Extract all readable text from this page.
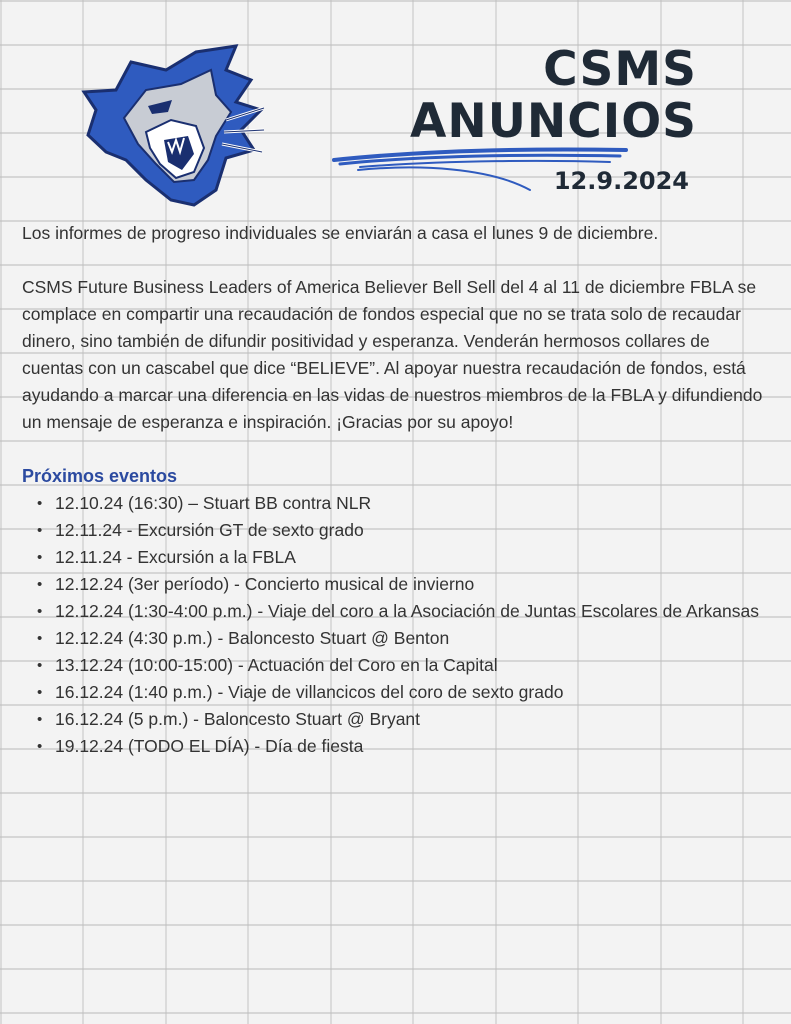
CSMS
ANUNCIOS
12.9.2024

Los informes de progreso individuales se enviarán a casa el lunes 9 de diciembre.

CSMS Future Business Leaders of America Believer Bell Sell del 4 al 11 de diciembre FBLA se complace en compartir una recaudación de fondos especial que no se trata solo de recaudar dinero, sino también de difundir positividad y esperanza. Venderán hermosos collares de cuentas con un cascabel que dice “BELIEVE”. Al apoyar nuestra recaudación de fondos, está ayudando a marcar una diferencia en las vidas de nuestros miembros de la FBLA y difundiendo un mensaje de esperanza e inspiración. ¡Gracias por su apoyo!

Próximos eventos
• 12.10.24 (16:30) – Stuart BB contra NLR
• 12.11.24 - Excursión GT de sexto grado
• 12.11.24 - Excursión a la FBLA
• 12.12.24 (3er período) - Concierto musical de invierno
• 12.12.24 (1:30-4:00 p.m.) - Viaje del coro a la Asociación de Juntas Escolares de Arkansas
• 12.12.24 (4:30 p.m.) - Baloncesto Stuart @ Benton
• 13.12.24 (10:00-15:00) - Actuación del Coro en la Capital
• 16.12.24 (1:40 p.m.) - Viaje de villancicos del coro de sexto grado
• 16.12.24 (5 p.m.) - Baloncesto Stuart @ Bryant
• 19.12.24 (TODO EL DÍA) - Día de fiesta
